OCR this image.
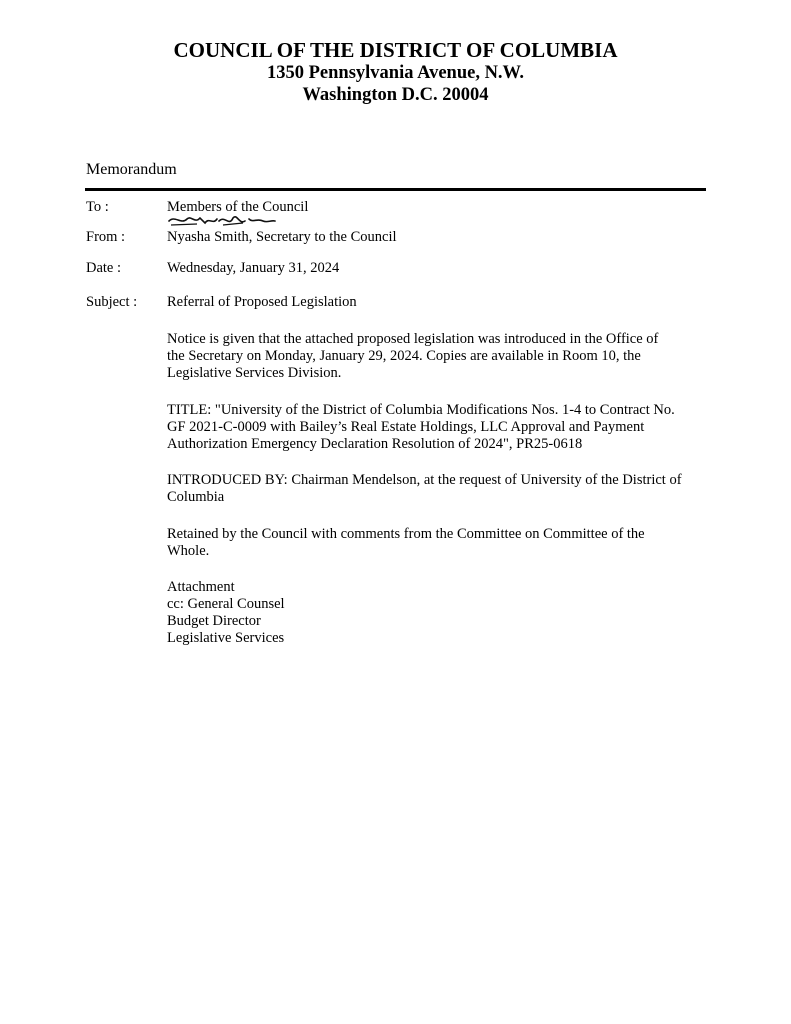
COUNCIL OF THE DISTRICT OF COLUMBIA
1350 Pennsylvania Avenue, N.W.
Washington D.C. 20004
Memorandum
To :	Members of the Council
From :	Nyasha Smith, Secretary to the Council
Date :	Wednesday, January 31, 2024
Subject : Referral of Proposed Legislation

Notice is given that the attached proposed legislation was introduced in the Office of
the Secretary on Monday, January 29, 2024. Copies are available in Room 10, the
Legislative Services Division.

TITLE: "University of the District of Columbia Modifications Nos. 1-4 to Contract No.
GF 2021-C-0009 with Bailey’s Real Estate Holdings, LLC Approval and Payment
Authorization Emergency Declaration Resolution of 2024", PR25-0618

INTRODUCED BY: Chairman Mendelson, at the request of University of the District of
Columbia

Retained by the Council with comments from the Committee on Committee of the
Whole.

Attachment
cc: General Counsel
Budget Director
Legislative Services
